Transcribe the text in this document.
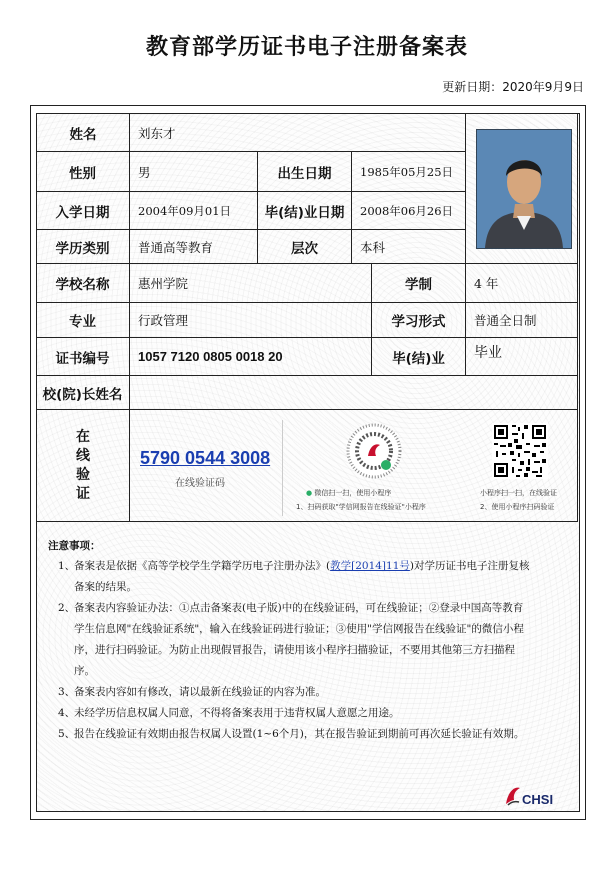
教育部学历证书电子注册备案表
更新日期：2020年9月9日
姓名	刘东才
性别	男	出生日期	1985年05月25日
入学日期	2004年09月01日	毕(结)业日期	2008年06月26日
学历类别	普通高等教育	层次	本科
学校名称	惠州学院	学制	4 年
专业	行政管理	学习形式	普通全日制
证书编号	1057 7120 0805 0018 20	毕(结)业	毕业
校(院)长姓名
在
线
验
证
5790 0544 3008
在线验证码
● 微信扫一扫，使用小程序
1、扫码获取"学信网报告在线验证"小程序
小程序扫一扫，在线验证
2、使用小程序扫码验证
注意事项：
1、
备案表是依据《高等学校学生学籍学历电子注册办法》(教学[2014]11号)对学历证书电子注册复核备案的结果。
2、
备案表内容验证办法：①点击备案表(电子版)中的在线验证码，可在线验证；②登录中国高等教育学生信息网"在线验证系统"，输入在线验证码进行验证；③使用"学信网报告在线验证"的微信小程序，进行扫码验证。为防止出现假冒报告，请使用该小程序扫描验证，不要用其他第三方扫描程序。
3、
备案表内容如有修改，请以最新在线验证的内容为准。
4、
未经学历信息权属人同意，不得将备案表用于违背权属人意愿之用途。
5、
报告在线验证有效期由报告权属人设置(1~6个月)，其在报告验证到期前可再次延长验证有效期。
CHSI
